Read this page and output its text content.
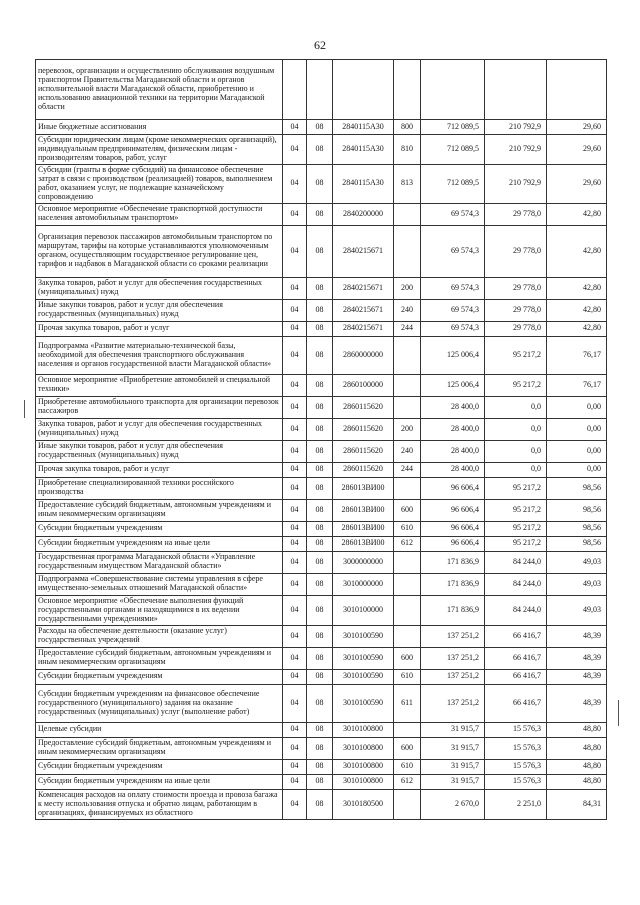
62
перевозок, организации и осуществлению обслуживания воздушным транспортом Правительства Магаданской области и органов исполнительной власти Магаданской области, приобретению и использованию авиационной техники на территории Магаданской области							
Иные бюджетные ассигнования	04	08	2840115А30	800	712 089,5	210 792,9	29,60
Субсидии юридическим лицам (кроме некоммерческих организаций), индивидуальным предпринимателям, физическим лицам - производителям товаров, работ, услуг	04	08	2840115А30	810	712 089,5	210 792,9	29,60
Субсидии (гранты в форме субсидий) на финансовое обеспечение затрат в связи с производством (реализацией) товаров, выполнением работ, оказанием услуг, не подлежащие казначейскому сопровождению	04	08	2840115А30	813	712 089,5	210 792,9	29,60
Основное мероприятие «Обеспечение транспортной доступности населения автомобильным транспортом»	04	08	2840200000		69 574,3	29 778,0	42,80
Организация перевозок пассажиров автомобильным транспортом по маршрутам, тарифы на которые устанавливаются уполномоченным органом, осуществляющим государственное регулирование цен, тарифов и надбавок в Магаданской области со сроками реализации	04	08	2840215671		69 574,3	29 778,0	42,80
Закупка товаров, работ и услуг для обеспечения государственных (муниципальных) нужд	04	08	2840215671	200	69 574,3	29 778,0	42,80
Иные закупки товаров, работ и услуг для обеспечения государственных (муниципальных) нужд	04	08	2840215671	240	69 574,3	29 778,0	42,80
Прочая закупка товаров, работ и услуг	04	08	2840215671	244	69 574,3	29 778,0	42,80
Подпрограмма «Развитие материально-технической базы, необходимой для обеспечения транспортного обслуживания населения и органов государственной власти Магаданской области»	04	08	2860000000		125 006,4	95 217,2	76,17
Основное мероприятие «Приобретение автомобилей и специальной техники»	04	08	2860100000		125 006,4	95 217,2	76,17
Приобретение автомобильного транспорта для организации перевозок пассажиров	04	08	2860115620		28 400,0	0,0	0,00
Закупка товаров, работ и услуг для обеспечения государственных (муниципальных) нужд	04	08	2860115620	200	28 400,0	0,0	0,00
Иные закупки товаров, работ и услуг для обеспечения государственных (муниципальных) нужд	04	08	2860115620	240	28 400,0	0,0	0,00
Прочая закупка товаров, работ и услуг	04	08	2860115620	244	28 400,0	0,0	0,00
Приобретение специализированной техники российского производства	04	08	286013ВИ00		96 606,4	95 217,2	98,56
Предоставление субсидий бюджетным, автономным учреждениям и иным некоммерческим организациям	04	08	286013ВИ00	600	96 606,4	95 217,2	98,56
Субсидии бюджетным учреждениям	04	08	286013ВИ00	610	96 606,4	95 217,2	98,56
Субсидии бюджетным учреждениям на иные цели	04	08	286013ВИ00	612	96 606,4	95 217,2	98,56
Государственная программа Магаданской области «Управление государственным имуществом Магаданской области»	04	08	3000000000		171 836,9	84 244,0	49,03
Подпрограмма «Совершенствование системы управления в сфере имущественно-земельных отношений Магаданской области»	04	08	3010000000		171 836,9	84 244,0	49,03
Основное мероприятие «Обеспечение выполнения функций государственными органами и находящимися в их ведении государственными учреждениями»	04	08	3010100000		171 836,9	84 244,0	49,03
Расходы на обеспечение деятельности (оказание услуг) государственных учреждений	04	08	3010100590		137 251,2	66 416,7	48,39
Предоставление субсидий бюджетным, автономным учреждениям и иным некоммерческим организациям	04	08	3010100590	600	137 251,2	66 416,7	48,39
Субсидии бюджетным учреждениям	04	08	3010100590	610	137 251,2	66 416,7	48,39
Субсидии бюджетным учреждениям на финансовое обеспечение государственного (муниципального) задания на оказание государственных (муниципальных) услуг (выполнение работ)	04	08	3010100590	611	137 251,2	66 416,7	48,39
Целевые субсидии	04	08	3010100800		31 915,7	15 576,3	48,80
Предоставление субсидий бюджетным, автономным учреждениям и иным некоммерческим организациям	04	08	3010100800	600	31 915,7	15 576,3	48,80
Субсидии бюджетным учреждениям	04	08	3010100800	610	31 915,7	15 576,3	48,80
Субсидии бюджетным учреждениям на иные цели	04	08	3010100800	612	31 915,7	15 576,3	48,80
Компенсация расходов на оплату стоимости проезда и провоза багажа к месту использования отпуска и обратно лицам, работающим в организациях, финансируемых из областного	04	08	3010180500		2 670,0	2 251,0	84,31
